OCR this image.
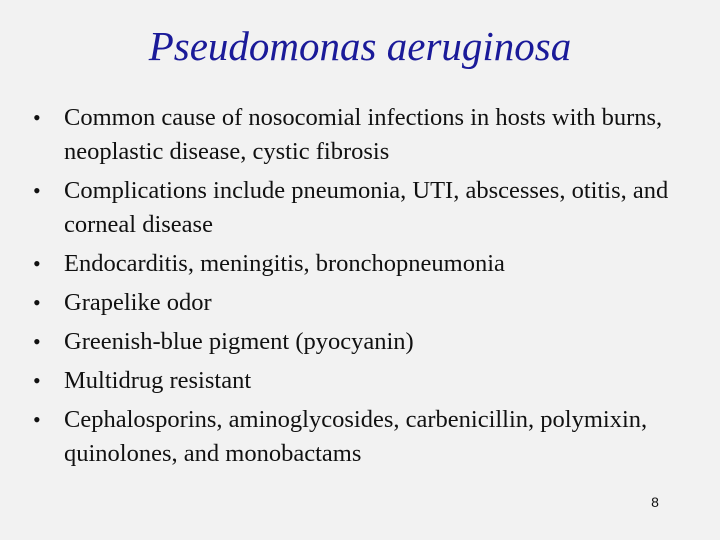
Pseudomonas aeruginosa
• Common cause of nosocomial infections in hosts with burns, neoplastic disease, cystic fibrosis
• Complications include pneumonia, UTI, abscesses, otitis, and corneal disease
• Endocarditis, meningitis, bronchopneumonia
• Grapelike odor
• Greenish-blue pigment (pyocyanin)
• Multidrug resistant
• Cephalosporins, aminoglycosides, carbenicillin, polymixin, quinolones, and monobactams
8
